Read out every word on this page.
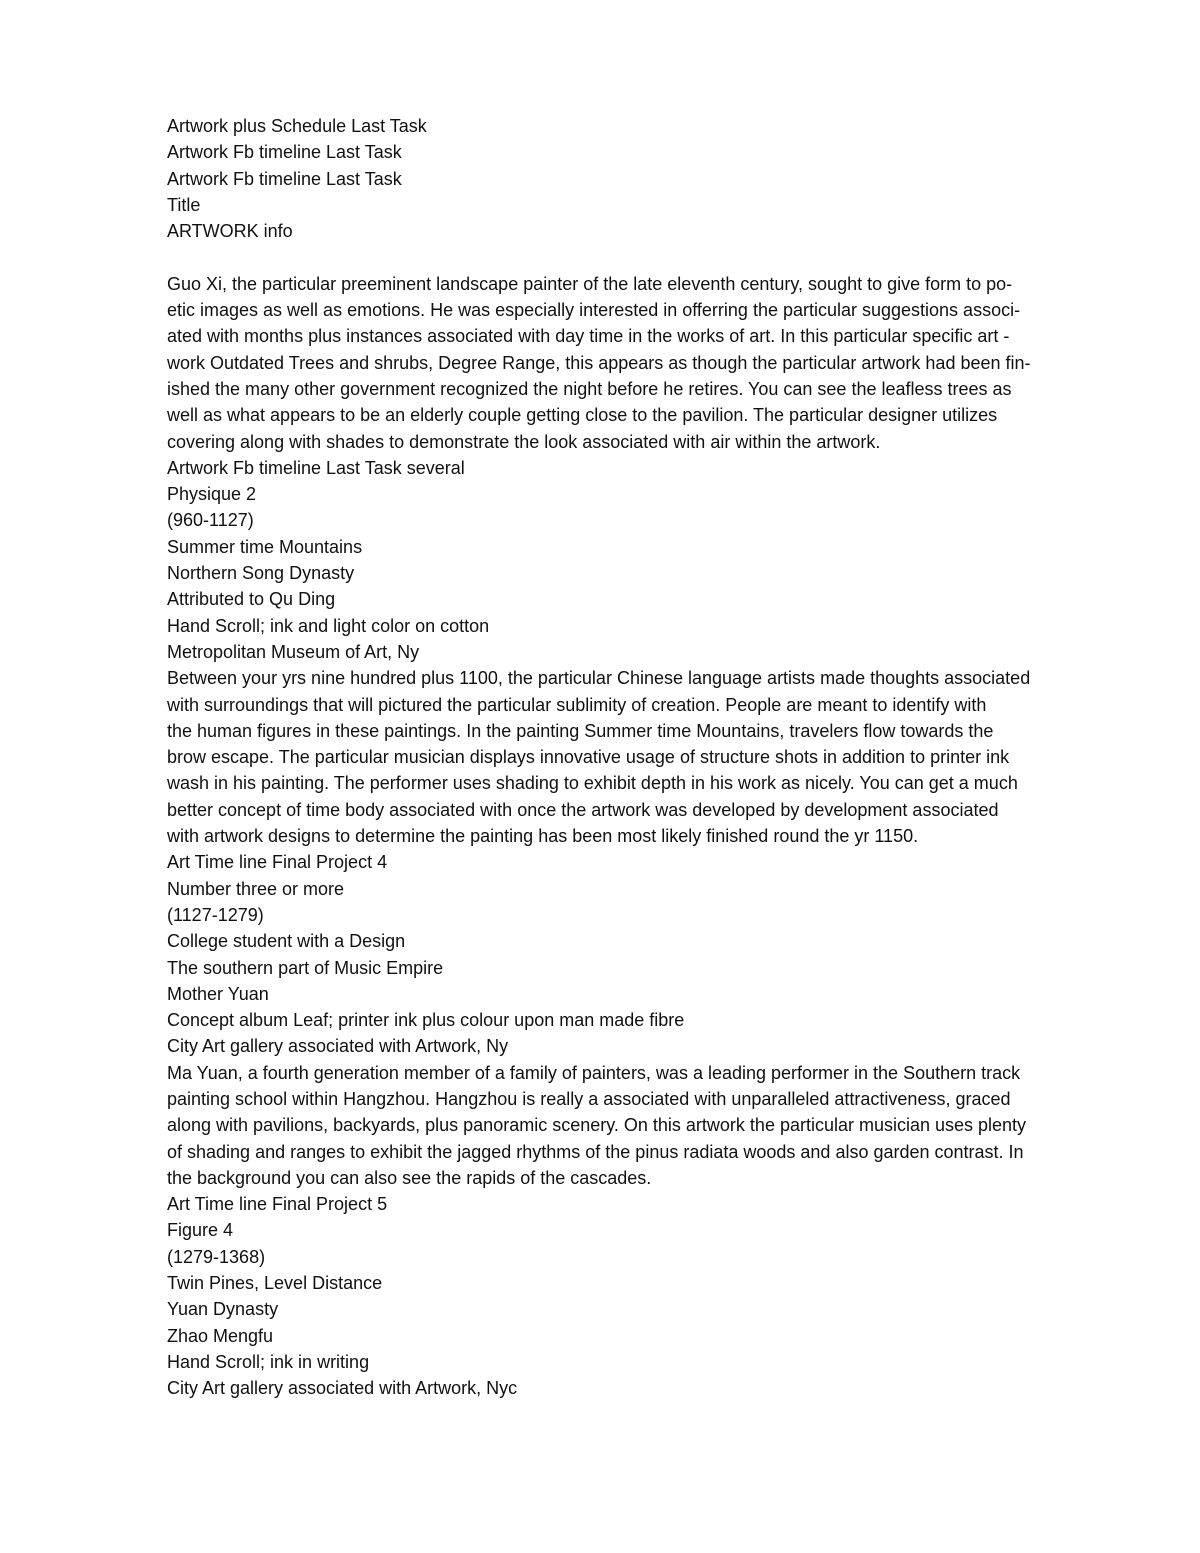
Artwork plus Schedule Last Task
Artwork Fb timeline Last Task
Artwork Fb timeline Last Task
Title
ARTWORK info
Guo Xi, the particular preeminent landscape painter of the late eleventh century, sought to give form to po-
etic images as well as emotions. He was especially interested in offerring the particular suggestions associ-
ated with months plus instances associated with day time in the works of art. In this particular specific art -
work Outdated Trees and shrubs, Degree Range, this appears as though the particular artwork had been fin-
ished the many other government recognized the night before he retires. You can see the leafless trees as
well as what appears to be an elderly couple getting close to the pavilion. The particular designer utilizes
covering along with shades to demonstrate the look associated with air within the artwork.
Artwork Fb timeline Last Task several
Physique 2
(960-1127)
Summer time Mountains
Northern Song Dynasty
Attributed to Qu Ding
Hand Scroll; ink and light color on cotton
Metropolitan Museum of Art, Ny
Between your yrs nine hundred plus 1100, the particular Chinese language artists made thoughts associated
with surroundings that will pictured the particular sublimity of creation. People are meant to identify with
the human figures in these paintings. In the painting Summer time Mountains, travelers flow towards the
brow escape. The particular musician displays innovative usage of structure shots in addition to printer ink
wash in his painting. The performer uses shading to exhibit depth in his work as nicely. You can get a much
better concept of time body associated with once the artwork was developed by development associated
with artwork designs to determine the painting has been most likely finished round the yr 1150.
Art Time line Final Project 4
Number three or more
(1127-1279)
College student with a Design
The southern part of Music Empire
Mother Yuan
Concept album Leaf; printer ink plus colour upon man made fibre
City Art gallery associated with Artwork, Ny
Ma Yuan, a fourth generation member of a family of painters, was a leading performer in the Southern track
painting school within Hangzhou. Hangzhou is really a associated with unparalleled attractiveness, graced
along with pavilions, backyards, plus panoramic scenery. On this artwork the particular musician uses plenty
of shading and ranges to exhibit the jagged rhythms of the pinus radiata woods and also garden contrast. In
the background you can also see the rapids of the cascades.
Art Time line Final Project 5
Figure 4
(1279-1368)
Twin Pines, Level Distance
Yuan Dynasty
Zhao Mengfu
Hand Scroll; ink in writing
City Art gallery associated with Artwork, Nyc
